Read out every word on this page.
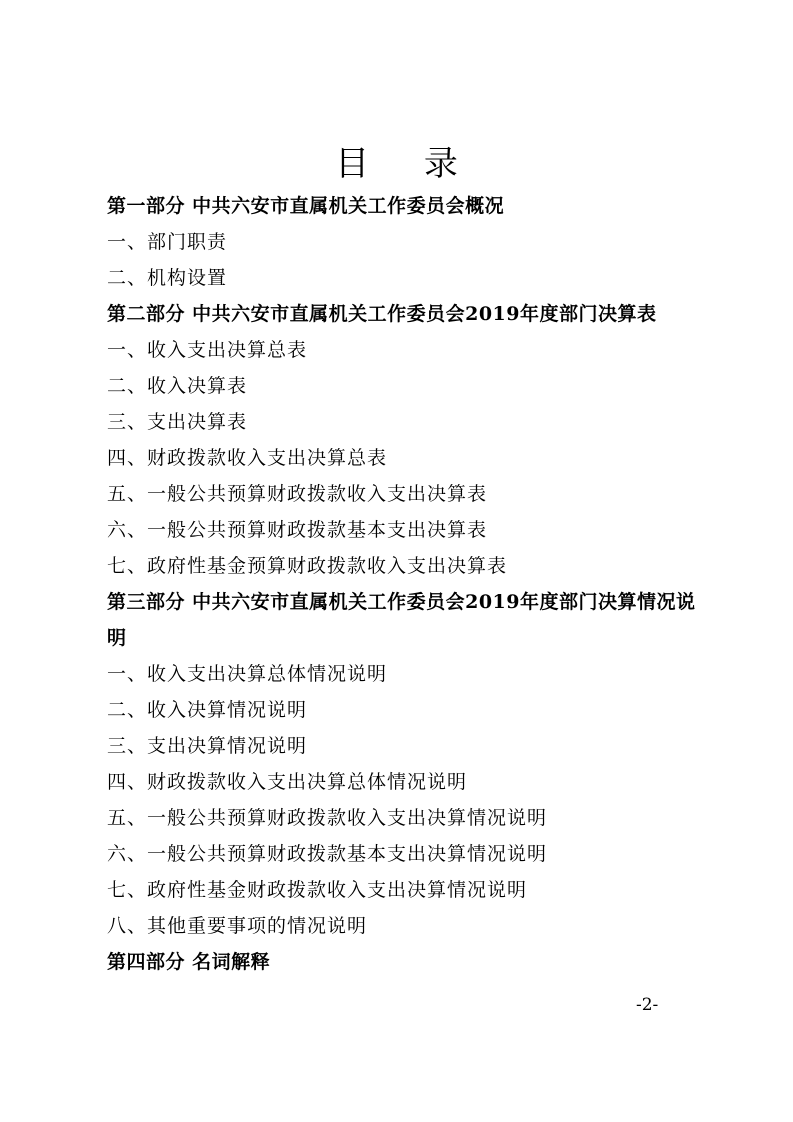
目 录
第一部分 中共六安市直属机关工作委员会概况
一、部门职责
二、机构设置
第二部分 中共六安市直属机关工作委员会2019年度部门决算表
一、收入支出决算总表
二、收入决算表
三、支出决算表
四、财政拨款收入支出决算总表
五、一般公共预算财政拨款收入支出决算表
六、一般公共预算财政拨款基本支出决算表
七、政府性基金预算财政拨款收入支出决算表
第三部分 中共六安市直属机关工作委员会2019年度部门决算情况说明
一、收入支出决算总体情况说明
二、收入决算情况说明
三、支出决算情况说明
四、财政拨款收入支出决算总体情况说明
五、一般公共预算财政拨款收入支出决算情况说明
六、一般公共预算财政拨款基本支出决算情况说明
七、政府性基金财政拨款收入支出决算情况说明
八、其他重要事项的情况说明
第四部分 名词解释

-2-
